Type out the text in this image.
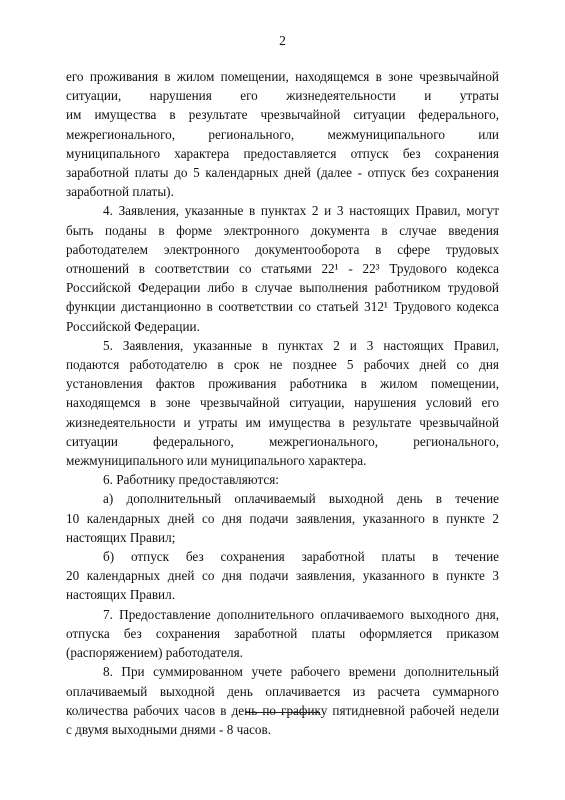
2
его проживания в жилом помещении, находящемся в зоне чрезвычайной
ситуации, нарушения его жизнедеятельности и утраты
им имущества в результате чрезвычайной ситуации федерального,
межрегионального, регионального, межмуниципального или
муниципального характера предоставляется отпуск без сохранения
заработной платы до 5 календарных дней (далее - отпуск без сохранения
заработной платы).
4. Заявления, указанные в пунктах 2 и 3 настоящих Правил, могут
быть поданы в форме электронного документа в случае введения
работодателем электронного документооборота в сфере трудовых
отношений в соответствии со статьями 22¹ - 22³ Трудового кодекса
Российской Федерации либо в случае выполнения работником трудовой
функции дистанционно в соответствии со статьей 312¹ Трудового кодекса
Российской Федерации.
5. Заявления, указанные в пунктах 2 и 3 настоящих Правил,
подаются работодателю в срок не позднее 5 рабочих дней со дня
установления фактов проживания работника в жилом помещении,
находящемся в зоне чрезвычайной ситуации, нарушения условий его
жизнедеятельности и утраты им имущества в результате чрезвычайной
ситуации федерального, межрегионального, регионального,
межмуниципального или муниципального характера.
6. Работнику предоставляются:
а) дополнительный оплачиваемый выходной день в течение
10 календарных дней со дня подачи заявления, указанного в пункте 2
настоящих Правил;
б) отпуск без сохранения заработной платы в течение
20 календарных дней со дня подачи заявления, указанного в пункте 3
настоящих Правил.
7. Предоставление дополнительного оплачиваемого выходного дня,
отпуска без сохранения заработной платы оформляется приказом
(распоряжением) работодателя.
8. При суммированном учете рабочего времени дополнительный
оплачиваемый выходной день оплачивается из расчета суммарного
количества рабочих часов в день по графику пятидневной рабочей недели
с двумя выходными днями - 8 часов.
